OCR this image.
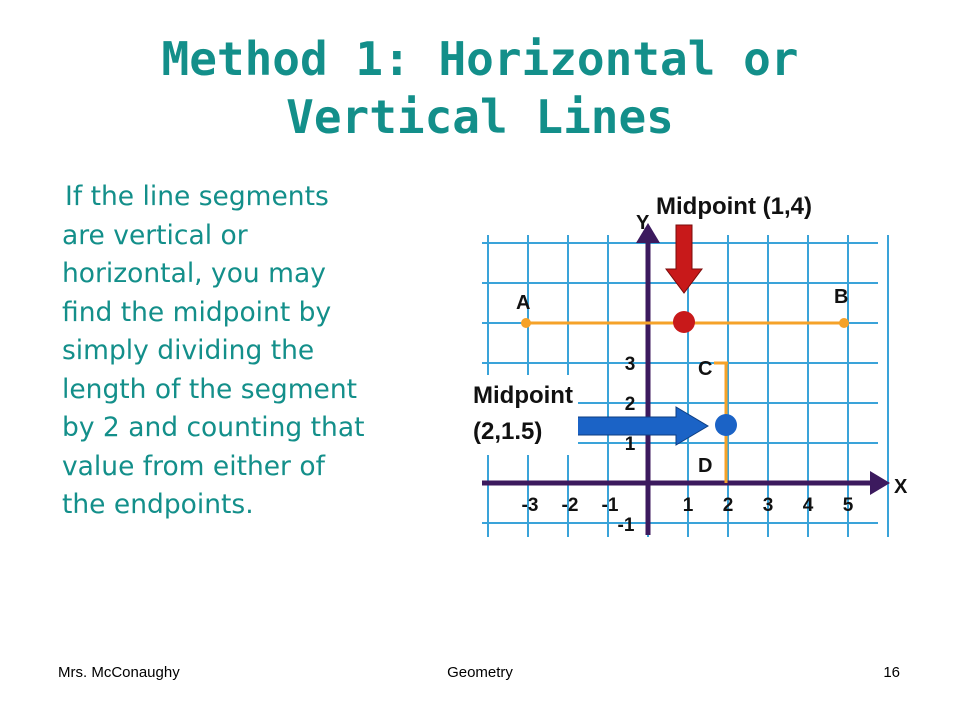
Method 1: Horizontal or
Vertical Lines
If the line segments
are vertical or
horizontal, you may
find the midpoint by
simply dividing the
length of the segment
by 2 and counting that
value from either of
the endpoints.
X
Y
A	B
C
D
Midpoint (1,4)
Midpoint
(2,1.5)
-3 -2 -1	1 2 3 4 5
3
2
1
-1
Mrs. McConaughy	Geometry	16
